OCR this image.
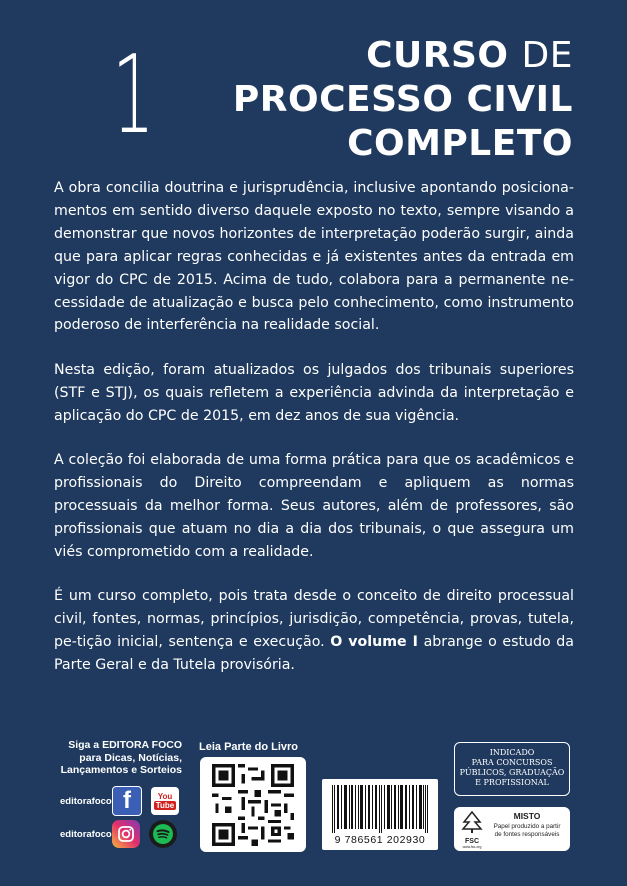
1	CURSO DE
PROCESSO CIVIL
COMPLETO

A obra concilia doutrina e jurisprudência, inclusive apontando posiciona-mentos em sentido diverso daquele exposto no texto, sempre visando a demonstrar que novos horizontes de interpretação poderão surgir, ainda que para aplicar regras conhecidas e já existentes antes da entrada em vigor do CPC de 2015. Acima de tudo, colabora para a permanente ne-cessidade de atualização e busca pelo conhecimento, como instrumento poderoso de interferência na realidade social.

Nesta edição, foram atualizados os julgados dos tribunais superiores (STF e STJ), os quais refletem a experiência advinda da interpretação e aplicação do CPC de 2015, em dez anos de sua vigência.

A coleção foi elaborada de uma forma prática para que os acadêmicos e profissionais do Direito compreendam e apliquem as normas processuais da melhor forma. Seus autores, além de professores, são profissionais que atuam no dia a dia dos tribunais, o que assegura um viés comprometido com a realidade.

É um curso completo, pois trata desde o conceito de direito processual civil, fontes, normas, princípios, jurisdição, competência, provas, tutela, pe-tição inicial, sentença e execução. O volume I abrange o estudo da Parte Geral e da Tutela provisória.

Siga a EDITORA FOCO
para Dicas, Notícias,
Lançamentos e Sorteios
editorafoco f	You
Tube
editorafoco
Leia Parte do Livro
9 786561 202930
INDICADO
PARA CONCURSOS
PÚBLICOS, GRADUAÇÃO
E PROFISSIONAL
FSC
www.fsc.org
MISTO
Papel produzido a partir
de fontes responsáveis
